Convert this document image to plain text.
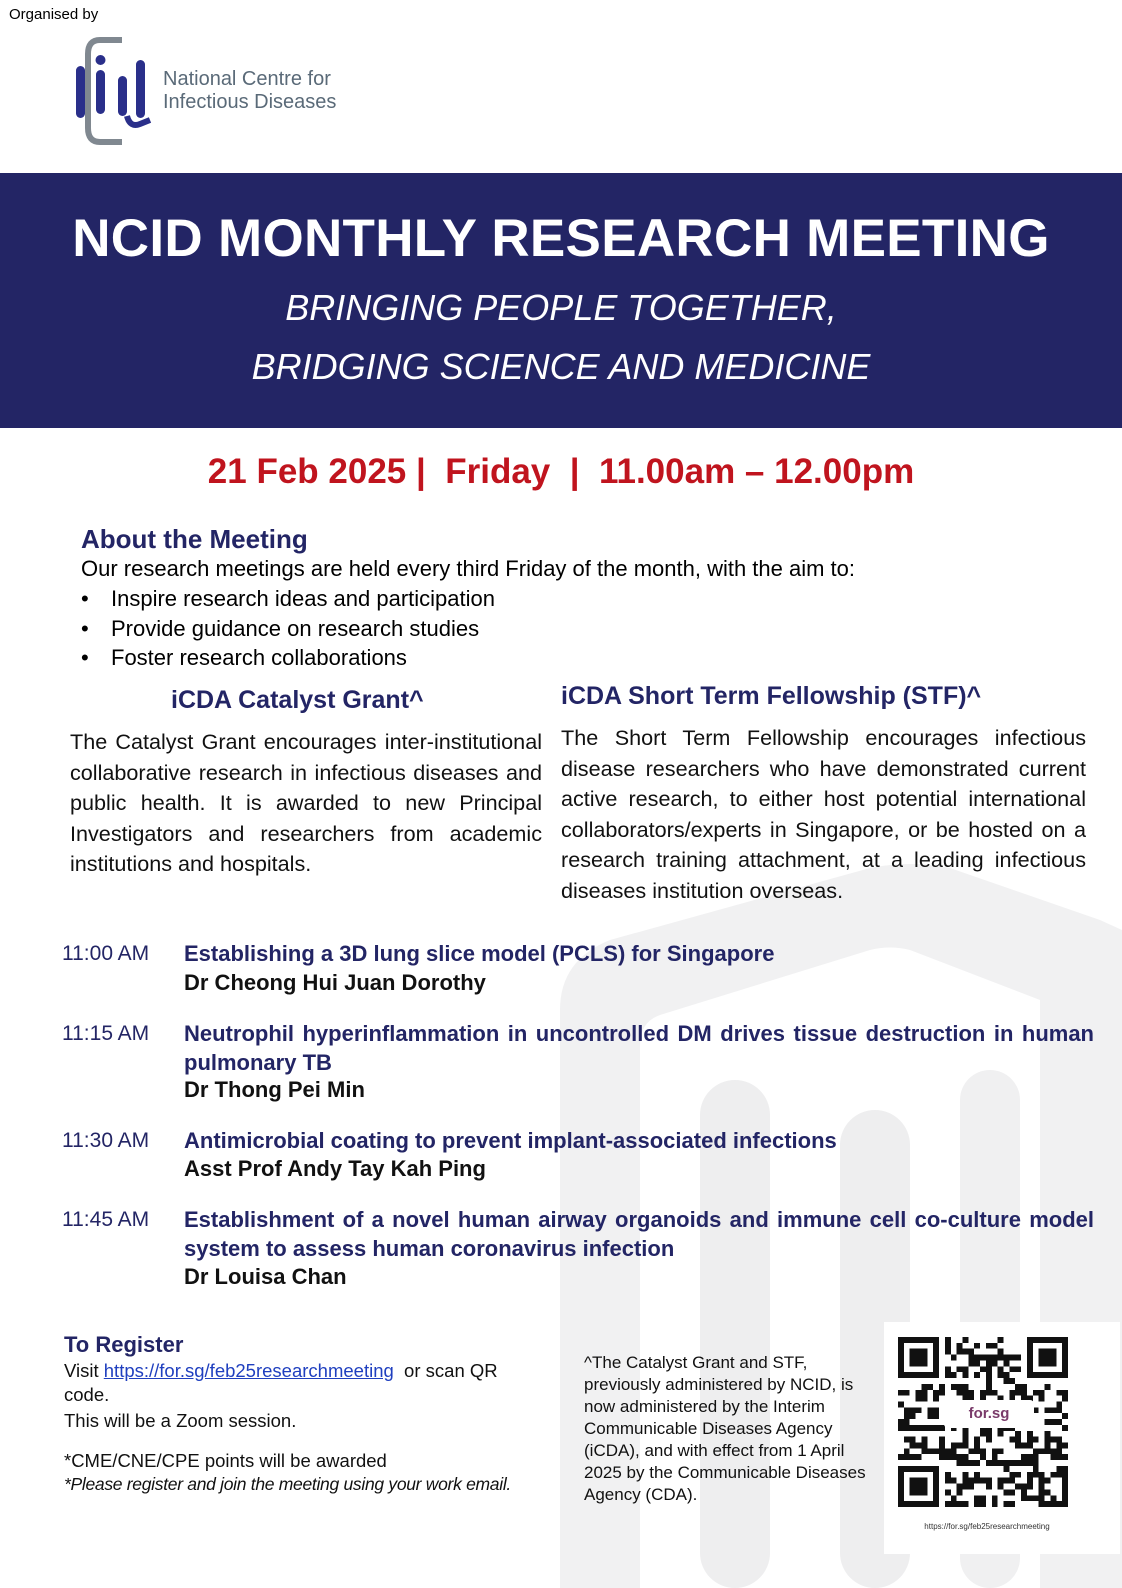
Organised by
National Centre for
Infectious Diseases
NCID MONTHLY RESEARCH MEETING
BRINGING PEOPLE TOGETHER,
BRIDGING SCIENCE AND MEDICINE
21 Feb 2025 |  Friday  |  11.00am – 12.00pm
About the Meeting
Our research meetings are held every third Friday of the month, with the aim to:
• Inspire research ideas and participation
• Provide guidance on research studies
• Foster research collaborations
iCDA Catalyst Grant^

The Catalyst Grant encourages inter-institutional collaborative research in infectious diseases and public health. It is awarded to new Principal Investigators and researchers from academic institutions and hospitals.

iCDA Short Term Fellowship (STF)^

The Short Term Fellowship encourages infectious disease researchers who have demonstrated current active research, to either host potential international collaborators/experts in Singapore, or be hosted on a research training attachment, at a leading infectious diseases institution overseas.

11:00 AM Establishing a 3D lung slice model (PCLS) for Singapore
Dr Cheong Hui Juan Dorothy
11:15 AM Neutrophil hyperinflammation in uncontrolled DM drives tissue destruction in human pulmonary TB
Dr Thong Pei Min
11:30 AM Antimicrobial coating to prevent implant-associated infections
Asst Prof Andy Tay Kah Ping
11:45 AM Establishment of a novel human airway organoids and immune cell co-culture model system to assess human coronavirus infection
Dr Louisa Chan
To Register
Visit https://for.sg/feb25researchmeeting  or scan QR
code.
This will be a Zoom session.
*CME/CNE/CPE points will be awarded
*Please register and join the meeting using your work email.
^The Catalyst Grant and STF, previously administered by NCID, is now administered by the Interim Communicable Diseases Agency (iCDA), and with effect from 1 April 2025 by the Communicable Diseases Agency (CDA).
for.sg
https://for.sg/feb25researchmeeting
